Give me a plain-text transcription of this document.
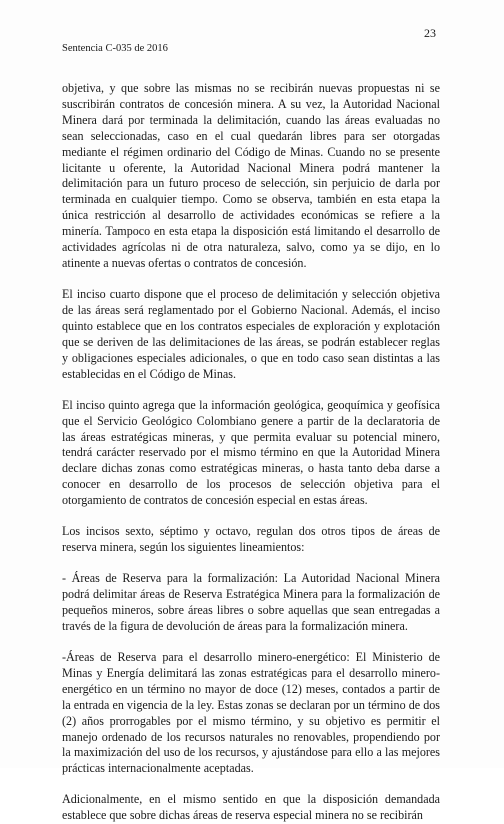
23
Sentencia C-035 de 2016

objetiva, y que sobre las mismas no se recibirán nuevas propuestas ni se suscribirán contratos de concesión minera. A su vez, la Autoridad Nacional Minera dará por terminada la delimitación, cuando las áreas evaluadas no sean seleccionadas, caso en el cual quedarán libres para ser otorgadas mediante el régimen ordinario del Código de Minas. Cuando no se presente licitante u oferente, la Autoridad Nacional Minera podrá mantener la delimitación para un futuro proceso de selección, sin perjuicio de darla por terminada en cualquier tiempo. Como se observa, también en esta etapa la única restricción al desarrollo de actividades económicas se refiere a la minería. Tampoco en esta etapa la disposición está limitando el desarrollo de actividades agrícolas ni de otra naturaleza, salvo, como ya se dijo, en lo atinente a nuevas ofertas o contratos de concesión.

El inciso cuarto dispone que el proceso de delimitación y selección objetiva de las áreas será reglamentado por el Gobierno Nacional. Además, el inciso quinto establece que en los contratos especiales de exploración y explotación que se deriven de las delimitaciones de las áreas, se podrán establecer reglas y obligaciones especiales adicionales, o que en todo caso sean distintas a las establecidas en el Código de Minas.

El inciso quinto agrega que la información geológica, geoquímica y geofísica que el Servicio Geológico Colombiano genere a partir de la declaratoria de las áreas estratégicas mineras, y que permita evaluar su potencial minero, tendrá carácter reservado por el mismo término en que la Autoridad Minera declare dichas zonas como estratégicas mineras, o hasta tanto deba darse a conocer en desarrollo de los procesos de selección objetiva para el otorgamiento de contratos de concesión especial en estas áreas.

Los incisos sexto, séptimo y octavo, regulan dos otros tipos de áreas de reserva minera, según los siguientes lineamientos:

- Áreas de Reserva para la formalización: La Autoridad Nacional Minera podrá delimitar áreas de Reserva Estratégica Minera para la formalización de pequeños mineros, sobre áreas libres o sobre aquellas que sean entregadas a través de la figura de devolución de áreas para la formalización minera.

-Áreas de Reserva para el desarrollo minero-energético: El Ministerio de Minas y Energía delimitará las zonas estratégicas para el desarrollo minero-energético en un término no mayor de doce (12) meses, contados a partir de la entrada en vigencia de la ley. Estas zonas se declaran por un término de dos (2) años prorrogables por el mismo término, y su objetivo es permitir el manejo ordenado de los recursos naturales no renovables, propendiendo por la maximización del uso de los recursos, y ajustándose para ello a las mejores prácticas internacionalmente aceptadas.

Adicionalmente, en el mismo sentido en que la disposición demandada establece que sobre dichas áreas de reserva especial minera no se recibirán
